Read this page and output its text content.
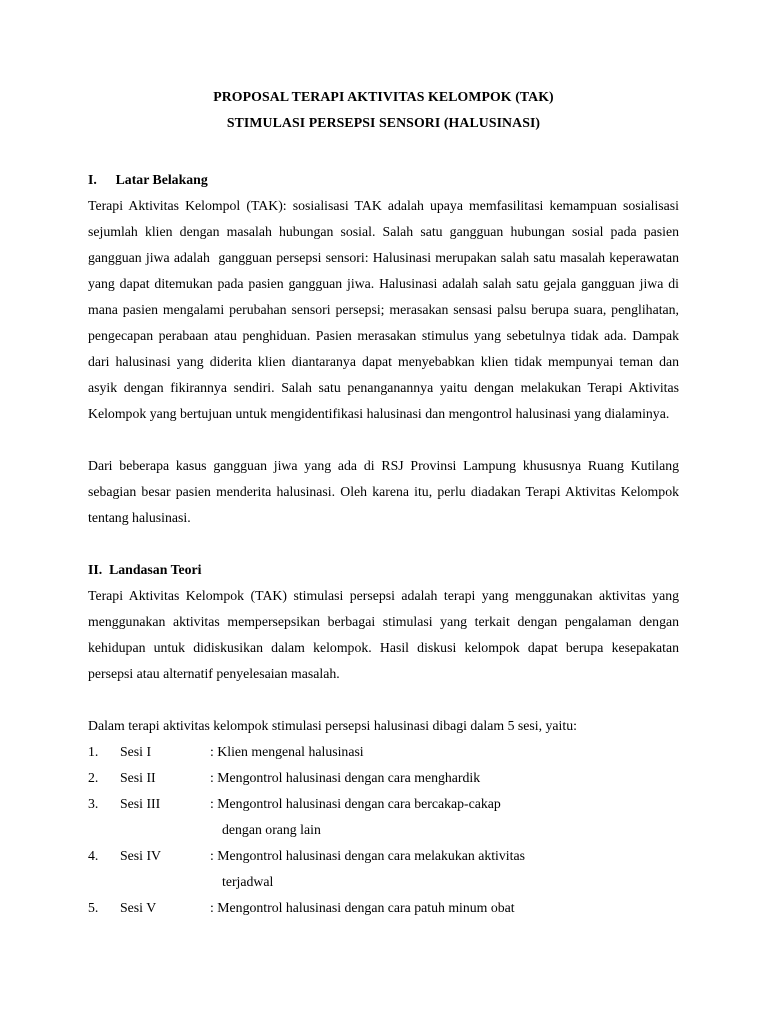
PROPOSAL TERAPI AKTIVITAS KELOMPOK (TAK)
STIMULASI PERSEPSI SENSORI (HALUSINASI)
I.	Latar Belakang

Terapi Aktivitas Kelompol (TAK): sosialisasi TAK adalah upaya memfasilitasi kemampuan sosialisasi sejumlah klien dengan masalah hubungan sosial. Salah satu gangguan hubungan sosial pada pasien gangguan jiwa adalah  gangguan persepsi sensori: Halusinasi merupakan salah satu masalah keperawatan yang dapat ditemukan pada pasien gangguan jiwa. Halusinasi adalah salah satu gejala gangguan jiwa di mana pasien mengalami perubahan sensori persepsi; merasakan sensasi palsu berupa suara, penglihatan, pengecapan perabaan atau penghiduan. Pasien merasakan stimulus yang sebetulnya tidak ada. Dampak dari halusinasi yang diderita klien diantaranya dapat menyebabkan klien tidak mempunyai teman dan asyik dengan fikirannya sendiri. Salah satu penanganannya yaitu dengan melakukan Terapi Aktivitas Kelompok yang bertujuan untuk mengidentifikasi halusinasi dan mengontrol halusinasi yang dialaminya.

Dari beberapa kasus gangguan jiwa yang ada di RSJ Provinsi Lampung khususnya Ruang Kutilang sebagian besar pasien menderita halusinasi. Oleh karena itu, perlu diadakan Terapi Aktivitas Kelompok tentang halusinasi.

II.  Landasan Teori

Terapi Aktivitas Kelompok (TAK) stimulasi persepsi adalah terapi yang menggunakan aktivitas yang menggunakan aktivitas mempersepsikan berbagai stimulasi yang terkait dengan pengalaman dengan kehidupan untuk didiskusikan dalam kelompok. Hasil diskusi kelompok dapat berupa kesepakatan persepsi atau alternatif penyelesaian masalah.

Dalam terapi aktivitas kelompok stimulasi persepsi halusinasi dibagi dalam 5 sesi, yaitu:

1.	Sesi I	: Klien mengenal halusinasi
2.	Sesi II	: Mengontrol halusinasi dengan cara menghardik
3.	Sesi III	: Mengontrol halusinasi dengan cara bercakap-cakap
dengan orang lain
4.	Sesi IV	: Mengontrol halusinasi dengan cara melakukan aktivitas
terjadwal
5.	Sesi V	: Mengontrol halusinasi dengan cara patuh minum obat
